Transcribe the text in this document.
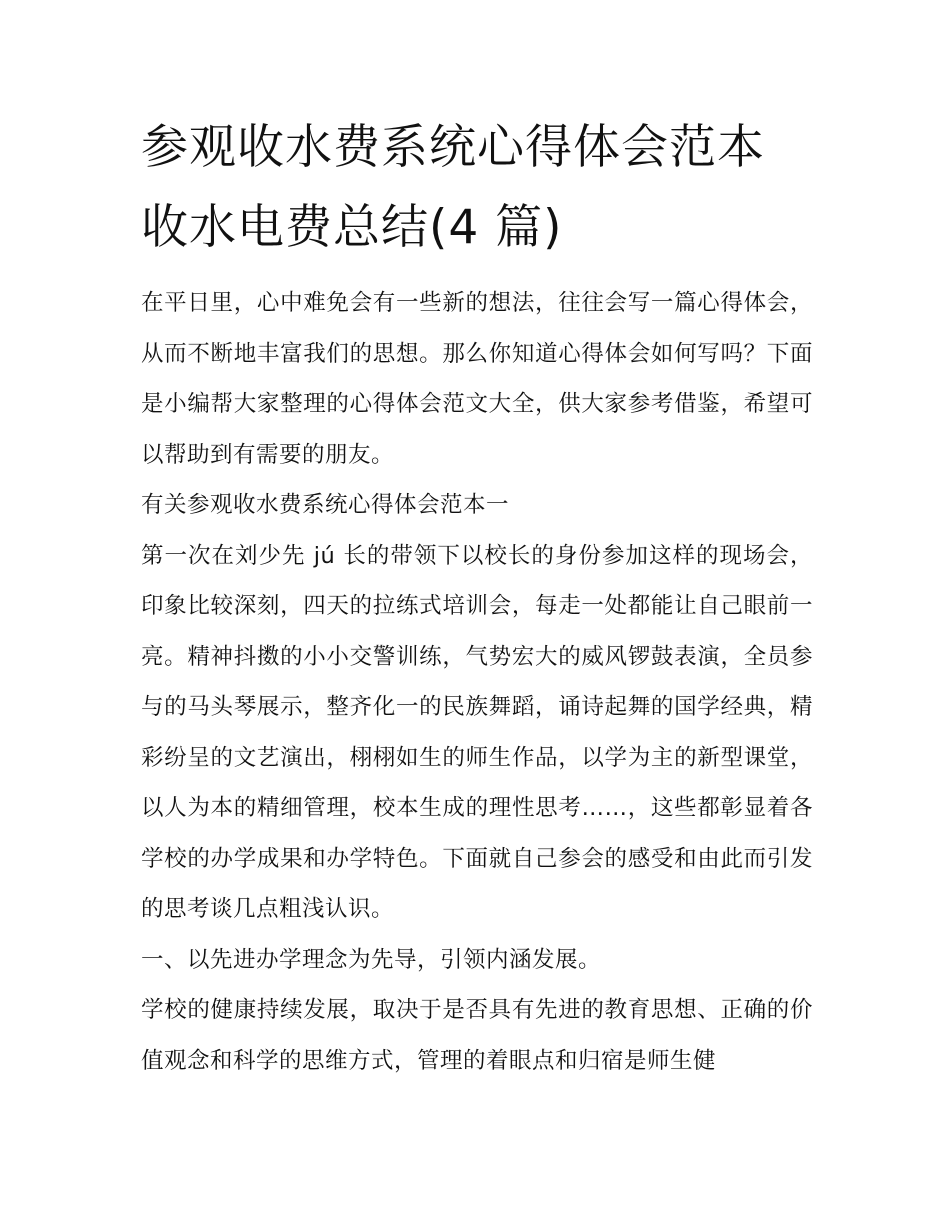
参观收水费系统心得体会范本
收水电费总结(4 篇)

在平日里，心中难免会有一些新的想法，往往会写一篇心得体会，从而不断地丰富我们的思想。那么你知道心得体会如何写吗？下面是小编帮大家整理的心得体会范文大全，供大家参考借鉴，希望可以帮助到有需要的朋友。

有关参观收水费系统心得体会范本一

第一次在刘少先 jú 长的带领下以校长的身份参加这样的现场会，印象比较深刻，四天的拉练式培训会，每走一处都能让自己眼前一亮。精神抖擞的小小交警训练，气势宏大的威风锣鼓表演，全员参与的马头琴展示，整齐化一的民族舞蹈，诵诗起舞的国学经典，精彩纷呈的文艺演出，栩栩如生的师生作品，以学为主的新型课堂，以人为本的精细管理，校本生成的理性思考……，这些都彰显着各学校的办学成果和办学特色。下面就自己参会的感受和由此而引发的思考谈几点粗浅认识。

一、以先进办学理念为先导，引领内涵发展。

学校的健康持续发展，取决于是否具有先进的教育思想、正确的价值观念和科学的思维方式，管理的着眼点和归宿是师生健
